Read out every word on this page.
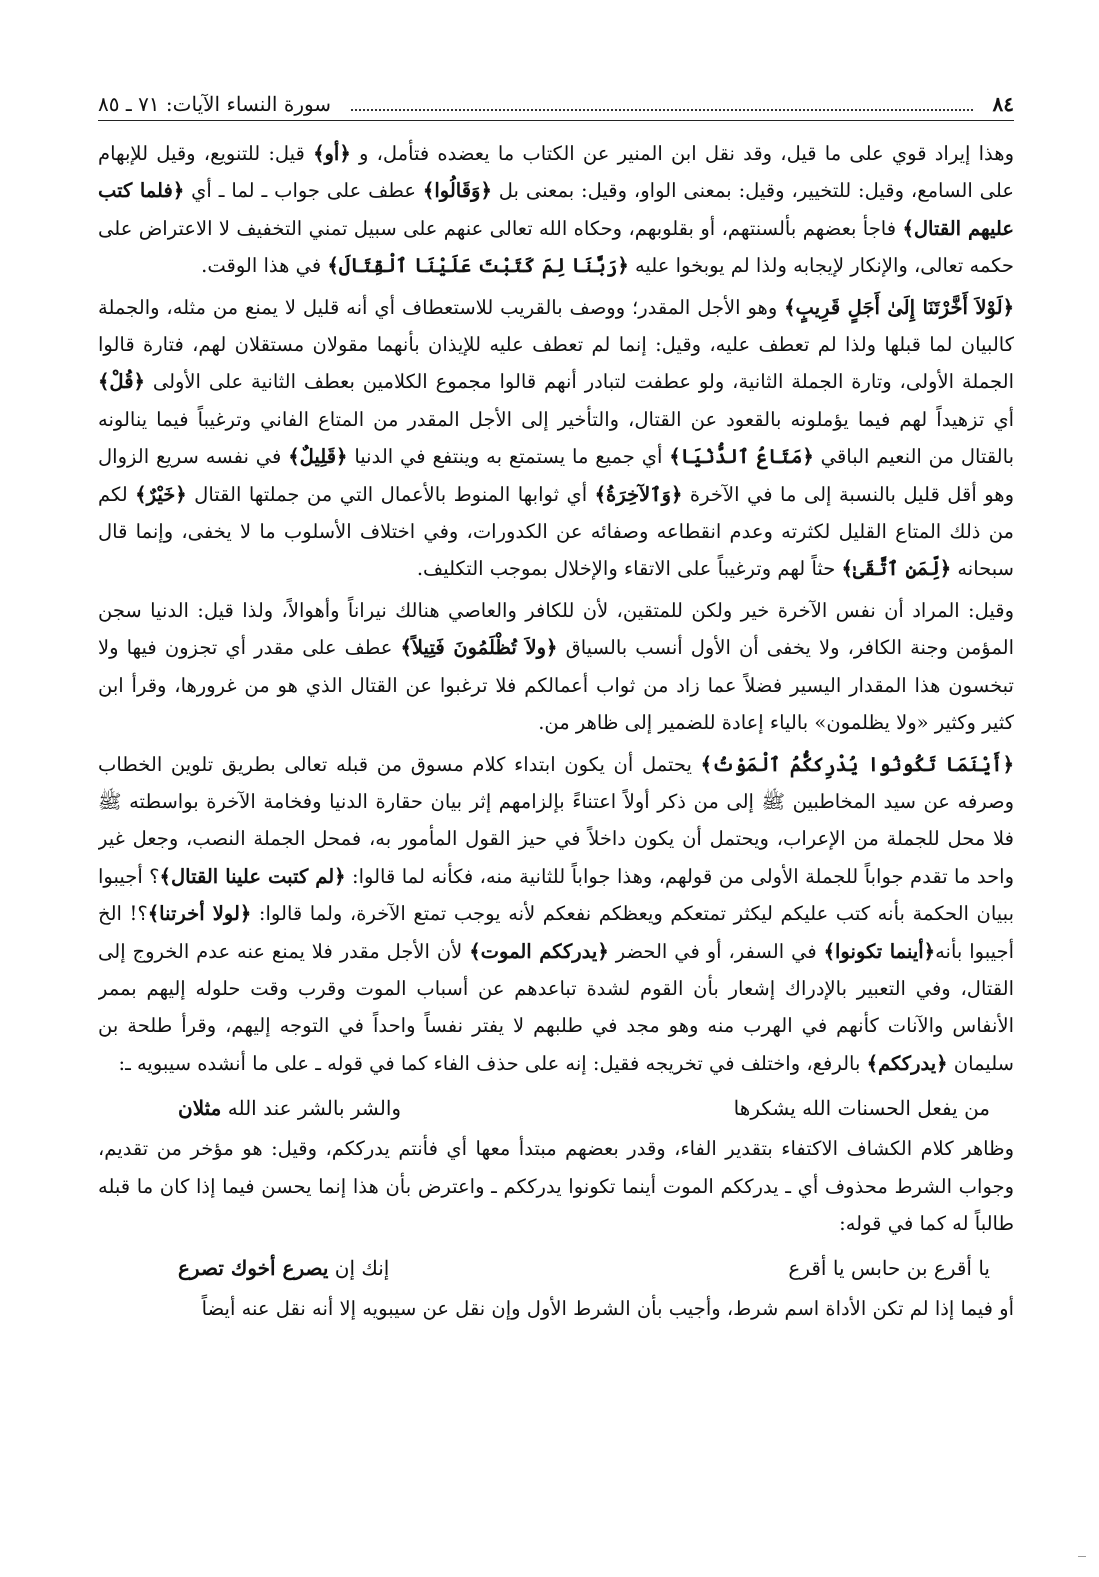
٨٤
سورة النساء الآيات: ٧١ ـ ٨٥

وهذا إيراد قوي على ما قيل، وقد نقل ابن المنير عن الكتاب ما يعضده فتأمل، و ﴿أو﴾ قيل: للتنويع، وقيل للإبهام على السامع، وقيل: للتخيير، وقيل: بمعنى الواو، وقيل: بمعنى بل ﴿وَقَالُوا﴾ عطف على جواب ـ لما ـ أي ﴿فلما كتب عليهم القتال﴾ فاجأ بعضهم بألسنتهم، أو بقلوبهم، وحكاه الله تعالى عنهم على سبيل تمني التخفيف لا الاعتراض على حكمه تعالى، والإنكار لإيجابه ولذا لم يوبخوا عليه ﴿رَبَّنَا لِمَ كَتَبْتَ عَلَيْنَا ٱلْقِتَالَ﴾ في هذا الوقت.

﴿لَوْلاَ أَخَّرْتَنَا إِلَىٰ أَجَلٍ قَرِيبٍ﴾ وهو الأجل المقدر؛ ووصف بالقريب للاستعطاف أي أنه قليل لا يمنع من مثله، والجملة كالبيان لما قبلها ولذا لم تعطف عليه، وقيل: إنما لم تعطف عليه للإيذان بأنهما مقولان مستقلان لهم، فتارة قالوا الجملة الأولى، وتارة الجملة الثانية، ولو عطفت لتبادر أنهم قالوا مجموع الكلامين بعطف الثانية على الأولى ﴿قُلْ﴾ أي تزهيداً لهم فيما يؤملونه بالقعود عن القتال، والتأخير إلى الأجل المقدر من المتاع الفاني وترغيباً فيما ينالونه بالقتال من النعيم الباقي ﴿مَتَاعُ ٱلدُّنْيَا﴾ أي جميع ما يستمتع به وينتفع في الدنيا ﴿قَلِيلٌ﴾ في نفسه سريع الزوال وهو أقل قليل بالنسبة إلى ما في الآخرة ﴿وَٱلآخِرَةُ﴾ أي ثوابها المنوط بالأعمال التي من جملتها القتال ﴿خَيْرٌ﴾ لكم من ذلك المتاع القليل لكثرته وعدم انقطاعه وصفائه عن الكدورات، وفي اختلاف الأسلوب ما لا يخفى، وإنما قال سبحانه ﴿لِّمَنِ ٱتَّقَىٰ﴾ حثاً لهم وترغيباً على الاتقاء والإخلال بموجب التكليف.

وقيل: المراد أن نفس الآخرة خير ولكن للمتقين، لأن للكافر والعاصي هنالك نيراناً وأهوالاً، ولذا قيل: الدنيا سجن المؤمن وجنة الكافر، ولا يخفى أن الأول أنسب بالسياق ﴿ولاَ تُظْلَمُونَ فَتِيلاً﴾ عطف على مقدر أي تجزون فيها ولا تبخسون هذا المقدار اليسير فضلاً عما زاد من ثواب أعمالكم فلا ترغبوا عن القتال الذي هو من غرورها، وقرأ ابن كثير وكثير «ولا يظلمون» بالياء إعادة للضمير إلى ظاهر من.

﴿أَيْنَمَا تَكُونُوا يُدْرِككُّمُ ٱلْمَوْتُ﴾ يحتمل أن يكون ابتداء كلام مسوق من قبله تعالى بطريق تلوين الخطاب وصرفه عن سيد المخاطبين ﷺ إلى من ذكر أولاً اعتناءً بإلزامهم إثر بيان حقارة الدنيا وفخامة الآخرة بواسطته ﷺ فلا محل للجملة من الإعراب، ويحتمل أن يكون داخلاً في حيز القول المأمور به، فمحل الجملة النصب، وجعل غير واحد ما تقدم جواباً للجملة الأولى من قولهم، وهذا جواباً للثانية منه، فكأنه لما قالوا: ﴿لم كتبت علينا القتال﴾؟ أجيبوا ببيان الحكمة بأنه كتب عليكم ليكثر تمتعكم ويعظكم نفعكم لأنه يوجب تمتع الآخرة، ولما قالوا: ﴿لولا أخرتنا﴾؟! الخ أجيبوا بأنه﴿أينما تكونوا﴾ في السفر، أو في الحضر ﴿يدرككم الموت﴾ لأن الأجل مقدر فلا يمنع عنه عدم الخروج إلى القتال، وفي التعبير بالإدراك إشعار بأن القوم لشدة تباعدهم عن أسباب الموت وقرب وقت حلوله إليهم بممر الأنفاس والآنات كأنهم في الهرب منه وهو مجد في طلبهم لا يفتر نفساً واحداً في التوجه إليهم، وقرأ طلحة بن سليمان ﴿يدرككم﴾ بالرفع، واختلف في تخريجه فقيل: إنه على حذف الفاء كما في قوله ـ على ما أنشده سيبويه ـ:

من يفعل الحسنات الله يشكرها
والشر بالشر عند الله مثلان

وظاهر كلام الكشاف الاكتفاء بتقدير الفاء، وقدر بعضهم مبتدأ معها أي فأنتم يدرككم، وقيل: هو مؤخر من تقديم، وجواب الشرط محذوف أي ـ يدرككم الموت أينما تكونوا يدرككم ـ واعترض بأن هذا إنما يحسن فيما إذا كان ما قبله طالباً له كما في قوله:

يا أقرع بن حابس يا أقرع
إنك إن يصرع أخوك تصرع

أو فيما إذا لم تكن الأداة اسم شرط، وأجيب بأن الشرط الأول وإن نقل عن سيبويه إلا أنه نقل عنه أيضاً
